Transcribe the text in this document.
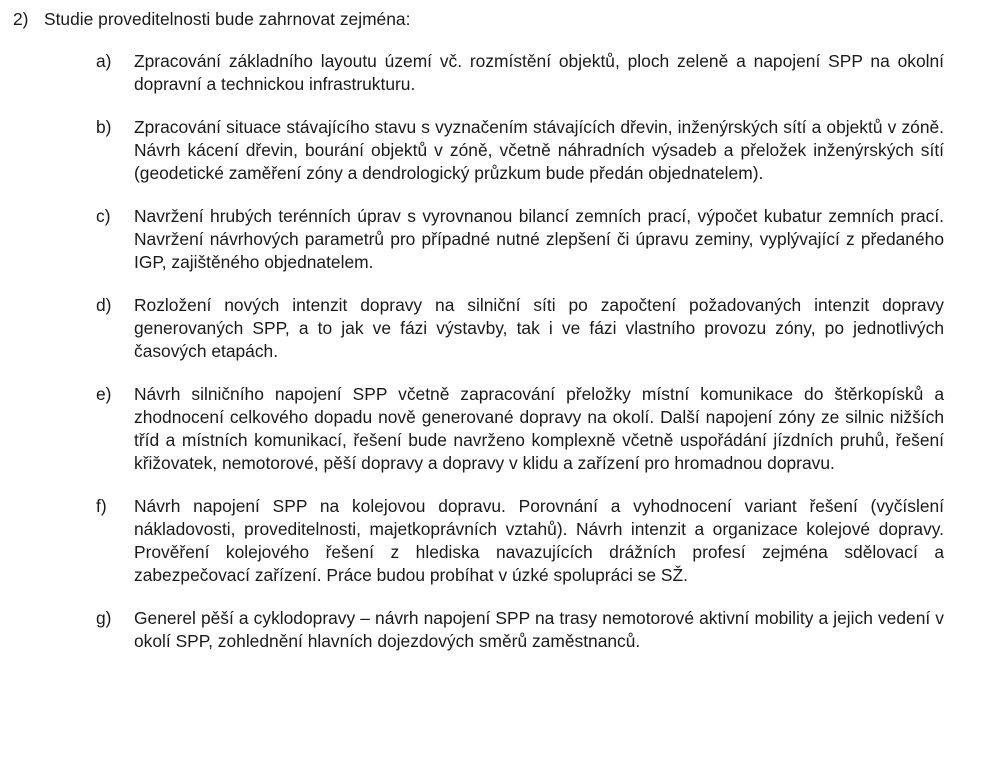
2) Studie proveditelnosti bude zahrnovat zejména:
a)	Zpracování základního layoutu území vč. rozmístění objektů, ploch zeleně a napojení SPP na okolní dopravní a technickou infrastrukturu.
b)	Zpracování situace stávajícího stavu s vyznačením stávajících dřevin, inženýrských sítí a objektů v zóně. Návrh kácení dřevin, bourání objektů v zóně, včetně náhradních výsadeb a přeložek inženýrských sítí (geodetické zaměření zóny a dendrologický průzkum bude předán objednatelem).
c)	Navržení hrubých terénních úprav s vyrovnanou bilancí zemních prací, výpočet kubatur zemních prací. Navržení návrhových parametrů pro případné nutné zlepšení či úpravu zeminy, vyplývající z předaného IGP, zajištěného objednatelem.
d)	Rozložení nových intenzit dopravy na silniční síti po započtení požadovaných intenzit dopravy generovaných SPP, a to jak ve fázi výstavby, tak i ve fázi vlastního provozu zóny, po jednotlivých časových etapách.
e)	Návrh silničního napojení SPP včetně zapracování přeložky místní komunikace do štěrkopísků a zhodnocení celkového dopadu nově generované dopravy na okolí. Další napojení zóny ze silnic nižších tříd a místních komunikací, řešení bude navrženo komplexně včetně uspořádání jízdních pruhů, řešení křižovatek, nemotorové, pěší dopravy a dopravy v klidu a zařízení pro hromadnou dopravu.
f)	Návrh napojení SPP na kolejovou dopravu. Porovnání a vyhodnocení variant řešení (vyčíslení nákladovosti, proveditelnosti, majetkoprávních vztahů). Návrh intenzit a organizace kolejové dopravy. Prověření kolejového řešení z hlediska navazujících drážních profesí zejména sdělovací a zabezpečovací zařízení. Práce budou probíhat v úzké spolupráci se SŽ.
g)	Generel pěší a cyklodopravy – návrh napojení SPP na trasy nemotorové aktivní mobility a jejich vedení v okolí SPP, zohlednění hlavních dojezdových směrů zaměstnanců.
